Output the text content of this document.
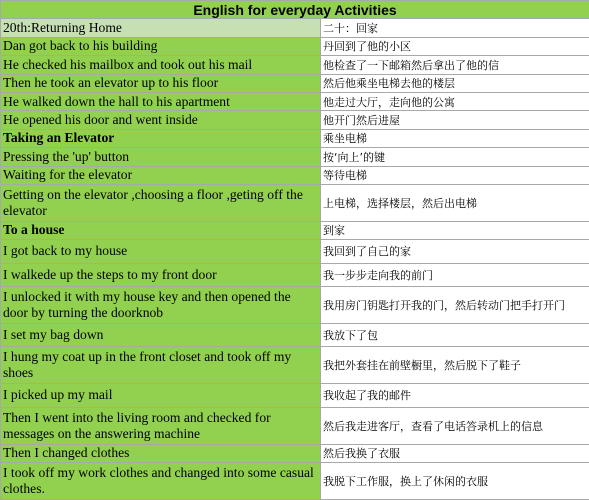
English for everyday Activities	
20th:Returning Home	二十：回家
Dan got back to his building	丹回到了他的小区
He checked his mailbox and took out his mail	他检查了一下邮箱然后拿出了他的信
Then he took an elevator up to his floor	然后他乘坐电梯去他的楼层
He walked down the hall to his apartment	他走过大厅，走向他的公寓
He opened his door and went inside	他开门然后进屋
Taking an Elevator	乘坐电梯
Pressing the 'up' button	按‘向上’的键
Waiting for the elevator	等待电梯
Getting on the elevator ,choosing a floor ,geting off the elevator	上电梯，选择楼层，然后出电梯
To a house	到家
I got back to my house	我回到了自己的家
I walkede up the steps to my front door	我一步步走向我的前门
I unlocked it with my house key and then opened the door by turning the doorknob	我用房门钥匙打开我的门，然后转动门把手打开门
I set my bag down	我放下了包
I hung my coat up in the front closet and took off my shoes	我把外套挂在前壁橱里，然后脱下了鞋子
I picked up my mail	我收起了我的邮件
Then I went into the living room and checked for messages on the answering machine	然后我走进客厅，查看了电话答录机上的信息
Then I changed clothes	然后我换了衣服
I took off my work clothes and changed into some casual clothes.	我脱下工作服，换上了休闲的衣服
